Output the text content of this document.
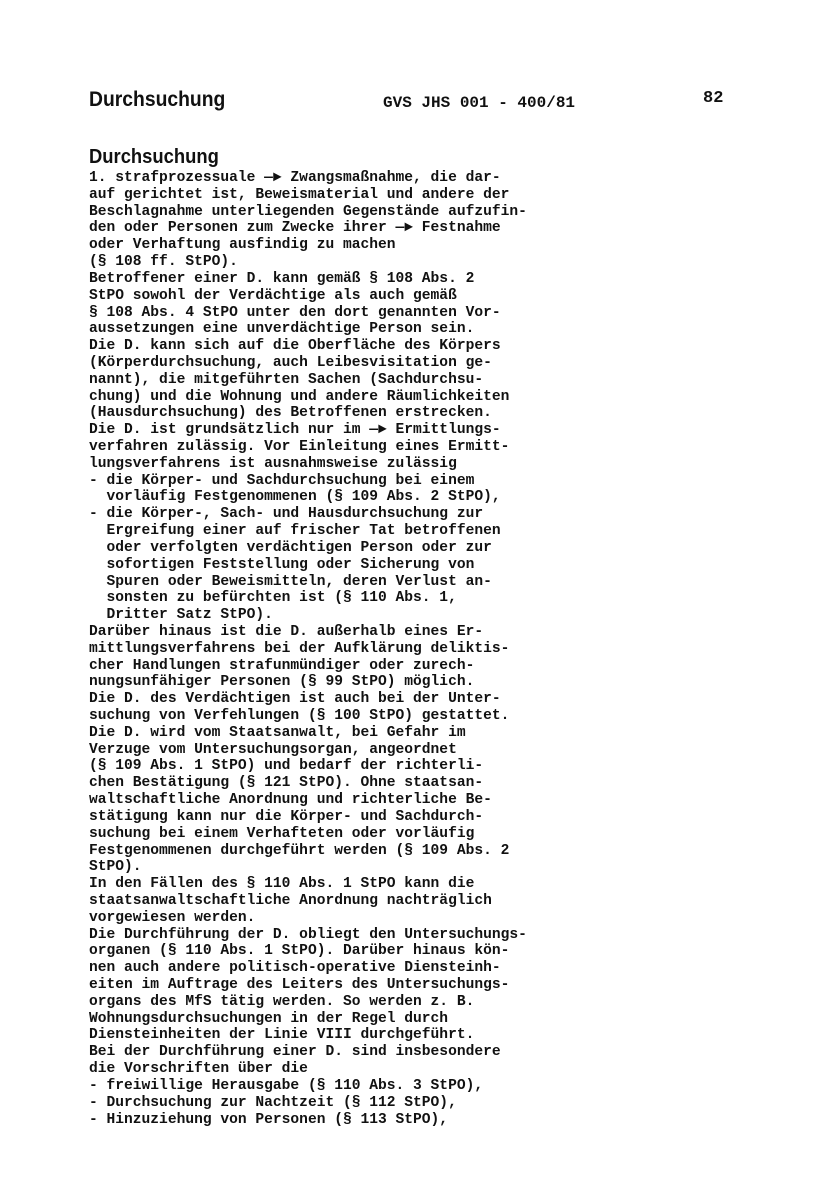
Durchsuchung	GVS JHS 001 - 400/81	82
Durchsuchung
1. strafprozessuale —► Zwangsmaßnahme, die dar-
auf gerichtet ist, Beweismaterial und andere der
Beschlagnahme unterliegenden Gegenstände aufzufin-
den oder Personen zum Zwecke ihrer —► Festnahme
oder Verhaftung ausfindig zu machen
(§ 108 ff. StPO).
Betroffener einer D. kann gemäß § 108 Abs. 2
StPO sowohl der Verdächtige als auch gemäß
§ 108 Abs. 4 StPO unter den dort genannten Vor-
aussetzungen eine unverdächtige Person sein.
Die D. kann sich auf die Oberfläche des Körpers
(Körperdurchsuchung, auch Leibesvisitation ge-
nannt), die mitgeführten Sachen (Sachdurchsu-
chung) und die Wohnung und andere Räumlichkeiten
(Hausdurchsuchung) des Betroffenen erstrecken.
Die D. ist grundsätzlich nur im —► Ermittlungs-
verfahren zulässig. Vor Einleitung eines Ermitt-
lungsverfahrens ist ausnahmsweise zulässig
- die Körper- und Sachdurchsuchung bei einem
vorläufig Festgenommenen (§ 109 Abs. 2 StPO),
- die Körper-, Sach- und Hausdurchsuchung zur
Ergreifung einer auf frischer Tat betroffenen
oder verfolgten verdächtigen Person oder zur
sofortigen Feststellung oder Sicherung von
Spuren oder Beweismitteln, deren Verlust an-
sonsten zu befürchten ist (§ 110 Abs. 1,
Dritter Satz StPO).
Darüber hinaus ist die D. außerhalb eines Er-
mittlungsverfahrens bei der Aufklärung deliktis-
cher Handlungen strafunmündiger oder zurech-
nungsunfähiger Personen (§ 99 StPO) möglich.
Die D. des Verdächtigen ist auch bei der Unter-
suchung von Verfehlungen (§ 100 StPO) gestattet.
Die D. wird vom Staatsanwalt, bei Gefahr im
Verzuge vom Untersuchungsorgan, angeordnet
(§ 109 Abs. 1 StPO) und bedarf der richterli-
chen Bestätigung (§ 121 StPO). Ohne staatsan-
waltschaftliche Anordnung und richterliche Be-
stätigung kann nur die Körper- und Sachdurch-
suchung bei einem Verhafteten oder vorläufig
Festgenommenen durchgeführt werden (§ 109 Abs. 2
StPO).
In den Fällen des § 110 Abs. 1 StPO kann die
staatsanwaltschaftliche Anordnung nachträglich
vorgewiesen werden.
Die Durchführung der D. obliegt den Untersuchungs-
organen (§ 110 Abs. 1 StPO). Darüber hinaus kön-
nen auch andere politisch-operative Diensteinh-
eiten im Auftrage des Leiters des Untersuchungs-
organs des MfS tätig werden. So werden z. B.
Wohnungsdurchsuchungen in der Regel durch
Diensteinheiten der Linie VIII durchgeführt.
Bei der Durchführung einer D. sind insbesondere
die Vorschriften über die
- freiwillige Herausgabe (§ 110 Abs. 3 StPO),
- Durchsuchung zur Nachtzeit (§ 112 StPO),
- Hinzuziehung von Personen (§ 113 StPO),
